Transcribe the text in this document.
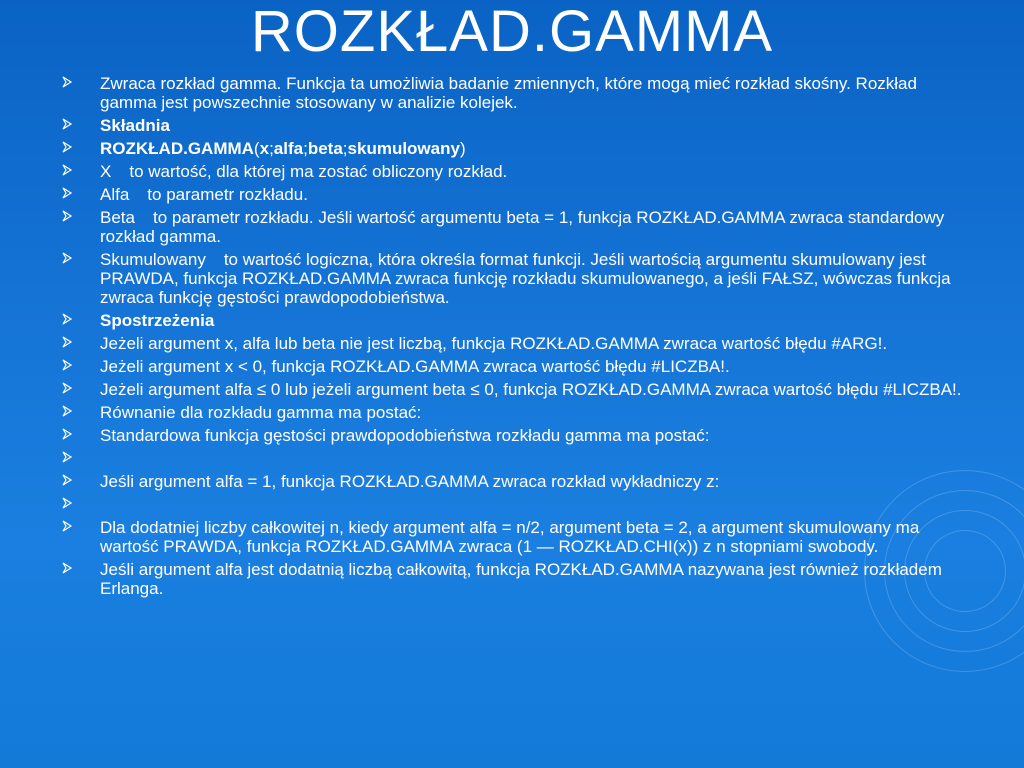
ROZKŁAD.GAMMA
Zwraca rozkład gamma. Funkcja ta umożliwia badanie zmiennych, które mogą mieć rozkład skośny. Rozkład gamma jest powszechnie stosowany w analizie kolejek.
Składnia
ROZKŁAD.GAMMA(x;alfa;beta;skumulowany)
X to wartość, dla której ma zostać obliczony rozkład.
Alfa to parametr rozkładu.
Beta to parametr rozkładu. Jeśli wartość argumentu beta = 1, funkcja ROZKŁAD.GAMMA zwraca standardowy rozkład gamma.
Skumulowany to wartość logiczna, która określa format funkcji. Jeśli wartością argumentu skumulowany jest PRAWDA, funkcja ROZKŁAD.GAMMA zwraca funkcję rozkładu skumulowanego, a jeśli FAŁSZ, wówczas funkcja zwraca funkcję gęstości prawdopodobieństwa.
Spostrzeżenia
Jeżeli argument x, alfa lub beta nie jest liczbą, funkcja ROZKŁAD.GAMMA zwraca wartość błędu #ARG!.
Jeżeli argument x < 0, funkcja ROZKŁAD.GAMMA zwraca wartość błędu #LICZBA!.
Jeżeli argument alfa ≤ 0 lub jeżeli argument beta ≤ 0, funkcja ROZKŁAD.GAMMA zwraca wartość błędu #LICZBA!.
Równanie dla rozkładu gamma ma postać:
Standardowa funkcja gęstości prawdopodobieństwa rozkładu gamma ma postać:
Jeśli argument alfa = 1, funkcja ROZKŁAD.GAMMA zwraca rozkład wykładniczy z:
Dla dodatniej liczby całkowitej n, kiedy argument alfa = n/2, argument beta = 2, a argument skumulowany ma wartość PRAWDA, funkcja ROZKŁAD.GAMMA zwraca (1 — ROZKŁAD.CHI(x)) z n stopniami swobody.
Jeśli argument alfa jest dodatnią liczbą całkowitą, funkcja ROZKŁAD.GAMMA nazywana jest również rozkładem Erlanga.
